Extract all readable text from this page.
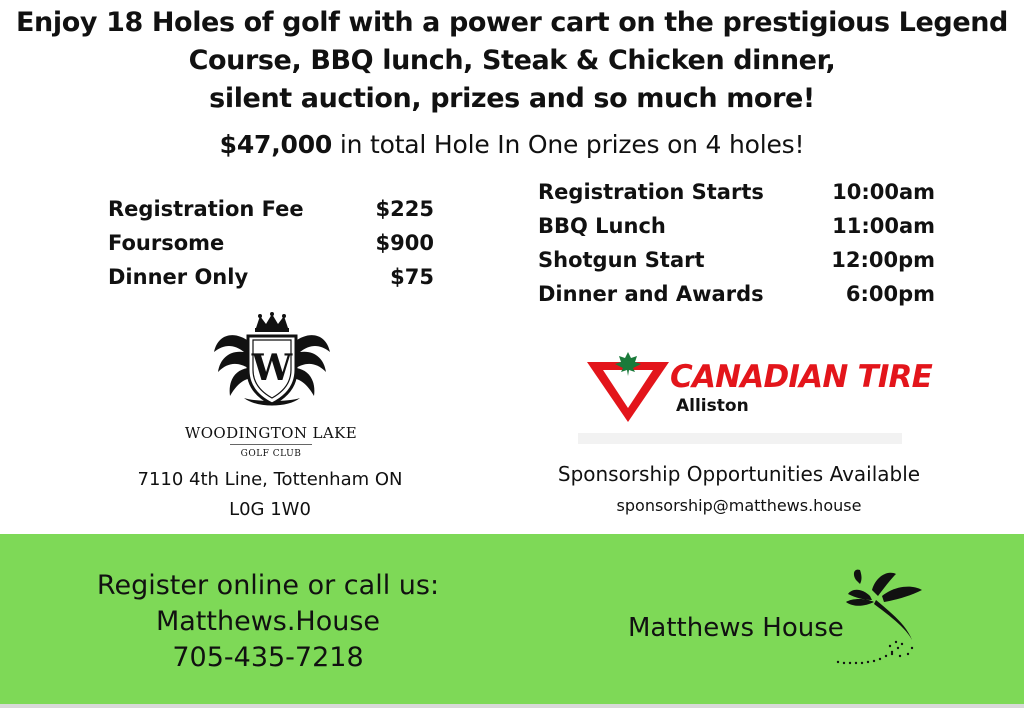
Enjoy 18 Holes of golf with a power cart on the prestigious Legend
Course, BBQ lunch, Steak & Chicken dinner,
silent auction, prizes and so much more!
$47,000 in total Hole In One prizes on 4 holes!
Registration Fee	$225
Foursome	$900
Dinner Only	$75
Registration Starts	10:00am
BBQ Lunch	11:00am
Shotgun Start	12:00pm
Dinner and Awards	6:00pm
W
WOODINGTON LAKE
GOLF CLUB
7110 4th Line, Tottenham ON
L0G 1W0
CANADIAN TIRE
Alliston
Sponsorship Opportunities Available
sponsorship@matthews.house
Register online or call us:
Matthews.House
705-435-7218
Matthews House
